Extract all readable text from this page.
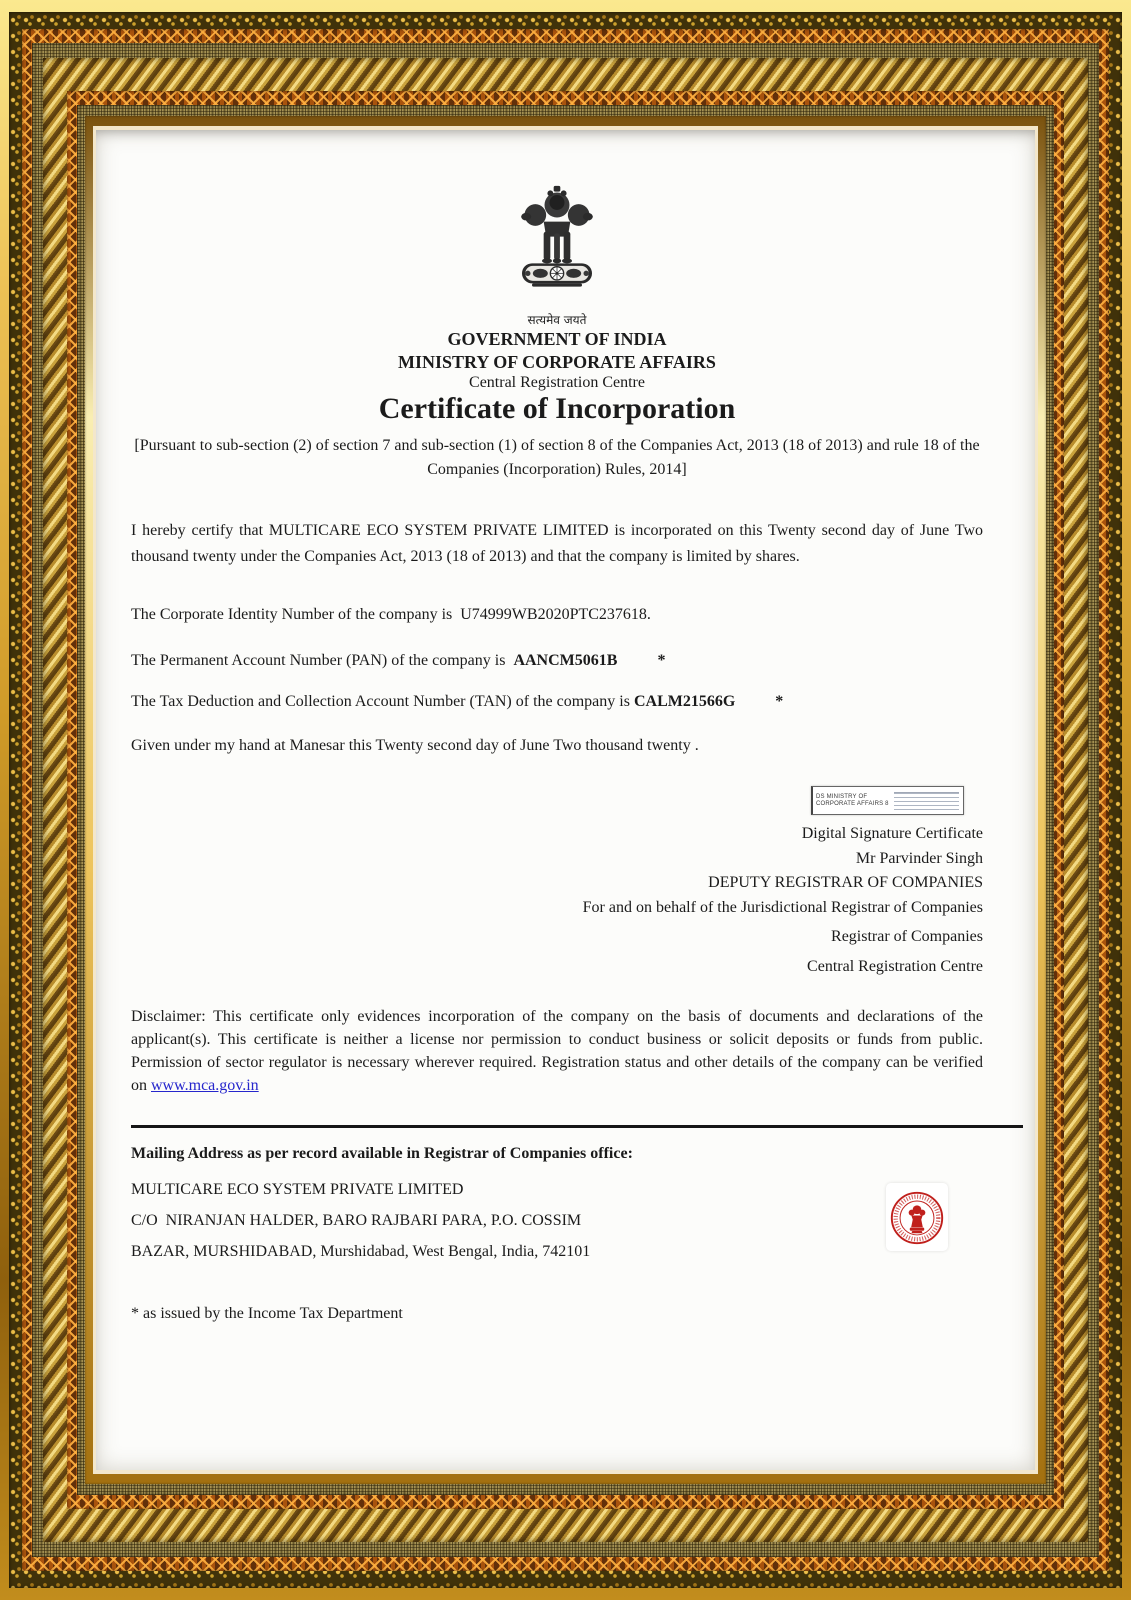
सत्यमेव जयते
GOVERNMENT OF INDIA
MINISTRY OF CORPORATE AFFAIRS
Central Registration Centre
Certificate of Incorporation

[Pursuant to sub-section (2) of section 7 and sub-section (1) of section 8 of the Companies Act, 2013 (18 of 2013) and rule 18 of the Companies (Incorporation) Rules, 2014]

I hereby certify that MULTICARE ECO SYSTEM PRIVATE LIMITED is incorporated on this Twenty second day of June Two thousand twenty under the Companies Act, 2013 (18 of 2013) and that the company is limited by shares.

The Corporate Identity Number of the company is  U74999WB2020PTC237618.

The Permanent Account Number (PAN) of the company is  AANCM5061B	*

The Tax Deduction and Collection Account Number (TAN) of the company is CALM21566G	*

Given under my hand at Manesar this Twenty second day of June Two thousand twenty .

DS MINISTRY OF
CORPORATE AFFAIRS 8
Digital Signature Certificate
Mr Parvinder Singh
DEPUTY REGISTRAR OF COMPANIES
For and on behalf of the Jurisdictional Registrar of Companies
Registrar of Companies
Central Registration Centre

Disclaimer: This certificate only evidences incorporation of the company on the basis of documents and declarations of the applicant(s). This certificate is neither a license nor permission to conduct business or solicit deposits or funds from public. Permission of sector regulator is necessary wherever required. Registration status and other details of the company can be verified on www.mca.gov.in

Mailing Address as per record available in Registrar of Companies office:

MULTICARE ECO SYSTEM PRIVATE LIMITED

C/O  NIRANJAN HALDER, BARO RAJBARI PARA, P.O. COSSIM

BAZAR, MURSHIDABAD, Murshidabad, West Bengal, India, 742101

* as issued by the Income Tax Department
